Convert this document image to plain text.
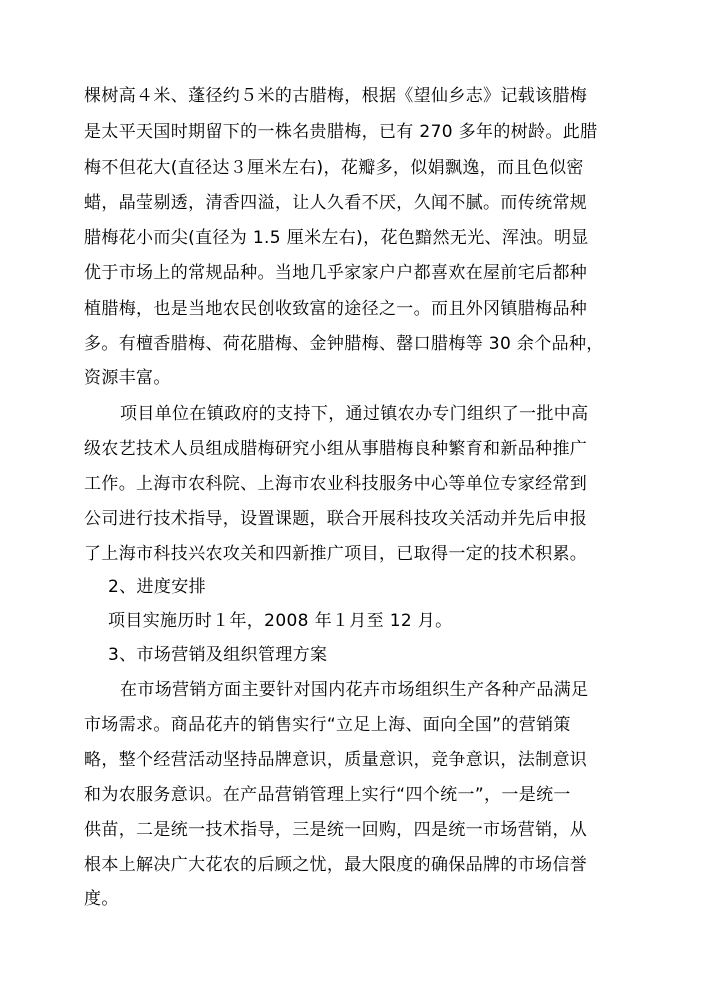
棵树高４米、蓬径约５米的古腊梅，根据《望仙乡志》记载该腊梅
是太平天国时期留下的一株名贵腊梅，已有 270 多年的树龄。此腊
梅不但花大(直径达３厘米左右)，花瓣多，似娟飘逸，而且色似密
蜡，晶莹剔透，清香四溢，让人久看不厌，久闻不腻。而传统常规
腊梅花小而尖(直径为 1.5 厘米左右)，花色黯然无光、浑浊。明显
优于市场上的常规品种。当地几乎家家户户都喜欢在屋前宅后都种
植腊梅，也是当地农民创收致富的途径之一。而且外冈镇腊梅品种
多。有檀香腊梅、荷花腊梅、金钟腊梅、罄口腊梅等 30 余个品种，
资源丰富。
项目单位在镇政府的支持下，通过镇农办专门组织了一批中高
级农艺技术人员组成腊梅研究小组从事腊梅良种繁育和新品种推广
工作。上海市农科院、上海市农业科技服务中心等单位专家经常到
公司进行技术指导，设置课题，联合开展科技攻关活动并先后申报
了上海市科技兴农攻关和四新推广项目，已取得一定的技术积累。
2、进度安排
项目实施历时１年，2008 年１月至 12 月。
3、市场营销及组织管理方案
在市场营销方面主要针对国内花卉市场组织生产各种产品满足
市场需求。商品花卉的销售实行“立足上海、面向全国”的营销策
略，整个经营活动坚持品牌意识，质量意识，竞争意识，法制意识
和为农服务意识。在产品营销管理上实行“四个统一”，一是统一
供苗，二是统一技术指导，三是统一回购，四是统一市场营销，从
根本上解决广大花农的后顾之忧，最大限度的确保品牌的市场信誉
度。
